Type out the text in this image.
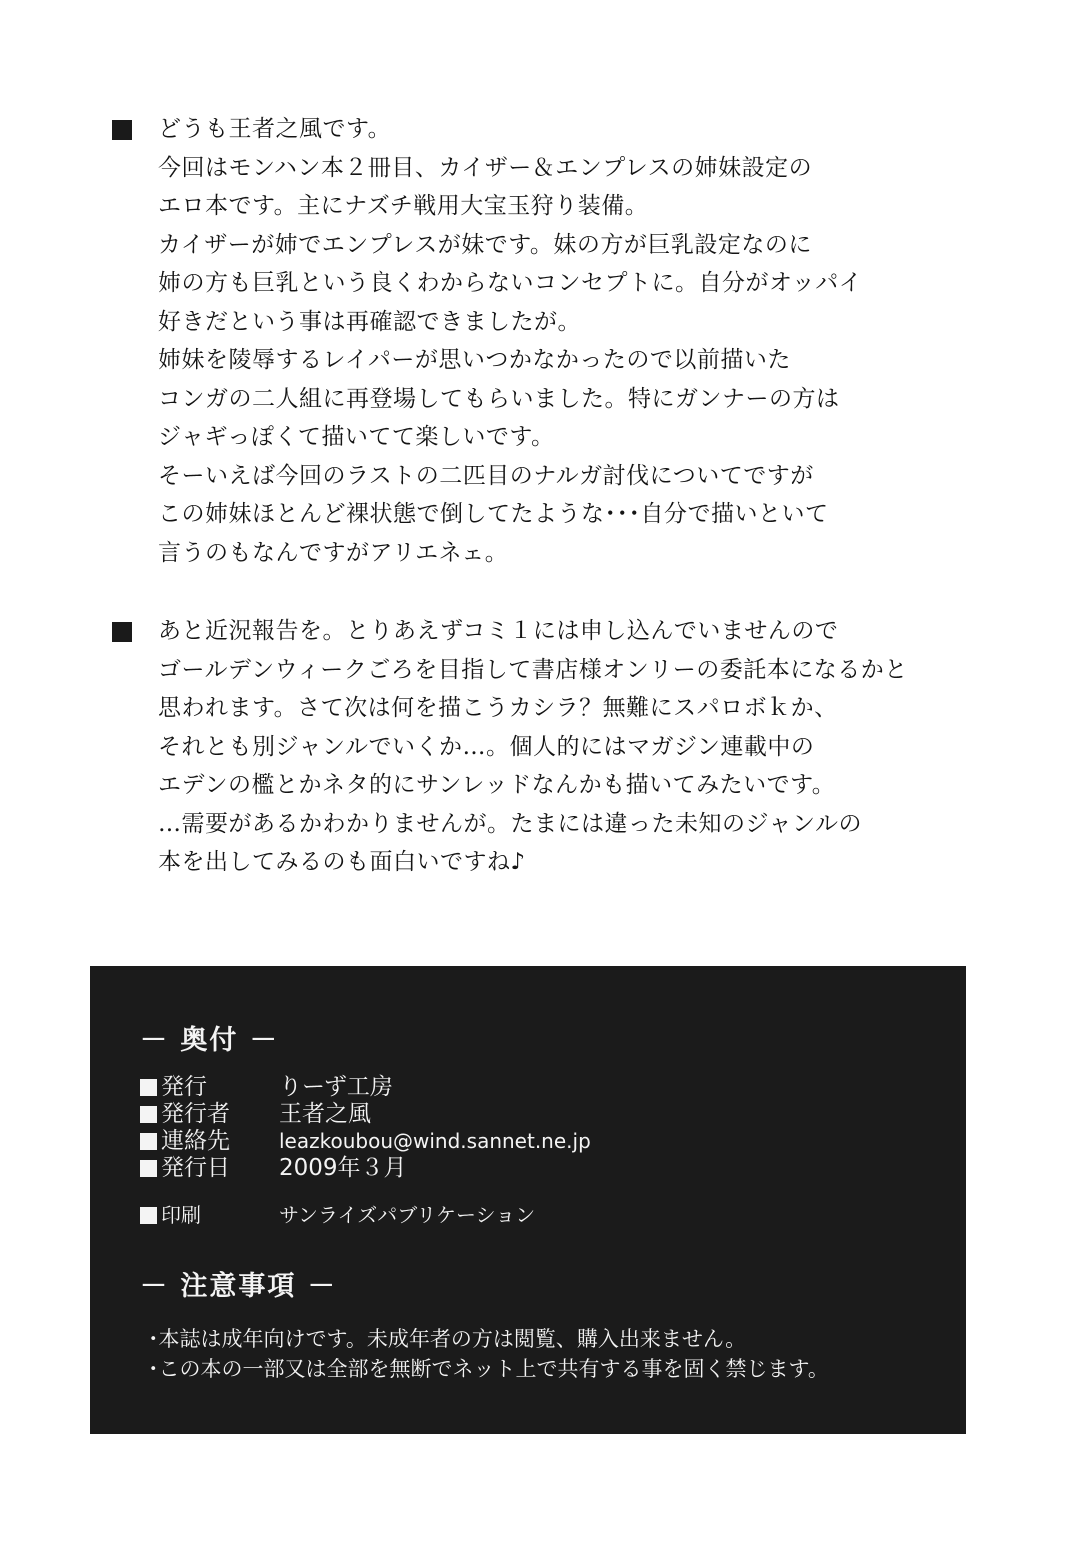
どうも王者之風です。
今回はモンハン本２冊目、カイザー＆エンプレスの姉妹設定の
エロ本です。主にナズチ戦用大宝玉狩り装備。
カイザーが姉でエンプレスが妹です。妹の方が巨乳設定なのに
姉の方も巨乳という良くわからないコンセプトに。自分がオッパイ
好きだという事は再確認できましたが。
姉妹を陵辱するレイパーが思いつかなかったので以前描いた
コンガの二人組に再登場してもらいました。特にガンナーの方は
ジャギっぽくて描いてて楽しいです。
そーいえば今回のラストの二匹目のナルガ討伐についてですが
この姉妹ほとんど裸状態で倒してたような･･･自分で描いといて
言うのもなんですがアリエネェ。
あと近況報告を。とりあえずコミ１には申し込んでいませんので
ゴールデンウィークごろを目指して書店様オンリーの委託本になるかと
思われます。さて次は何を描こうカシラ？無難にスパロボｋか、
それとも別ジャンルでいくか…。個人的にはマガジン連載中の
エデンの檻とかネタ的にサンレッドなんかも描いてみたいです。
…需要があるかわかりませんが。たまには違った未知のジャンルの
本を出してみるのも面白いですね♪
－ 奥付 －
発行	りーず工房
発行者	王者之風
連絡先	leazkoubou@wind.sannet.ne.jp
発行日	2009年３月
印刷	サンライズパブリケーション
－ 注意事項 －
･本誌は成年向けです。未成年者の方は閲覧、購入出来ません。
･この本の一部又は全部を無断でネット上で共有する事を固く禁じます。
